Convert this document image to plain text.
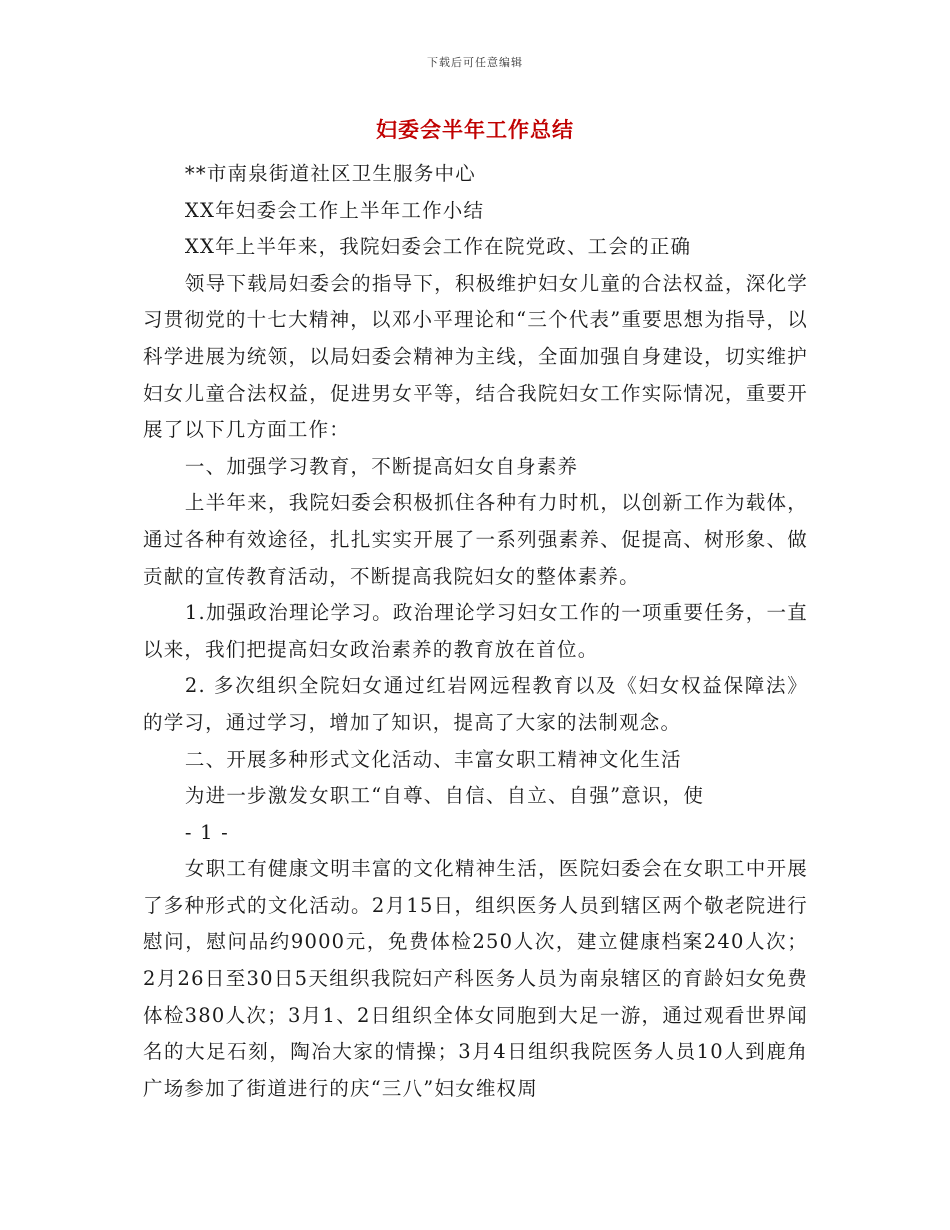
下载后可任意编辑
妇委会半年工作总结

**市南泉街道社区卫生服务中心

XX年妇委会工作上半年工作小结

XX年上半年来，我院妇委会工作在院党政、工会的正确

领导下载局妇委会的指导下，积极维护妇女儿童的合法权益，深化学习贯彻党的十七大精神，以邓小平理论和“三个代表”重要思想为指导，以科学进展为统领，以局妇委会精神为主线，全面加强自身建设，切实维护妇女儿童合法权益，促进男女平等，结合我院妇女工作实际情况，重要开展了以下几方面工作：

一、加强学习教育，不断提高妇女自身素养

上半年来，我院妇委会积极抓住各种有力时机，以创新工作为载体，通过各种有效途径，扎扎实实开展了一系列强素养、促提高、树形象、做贡献的宣传教育活动，不断提高我院妇女的整体素养。

1.加强政治理论学习。政治理论学习妇女工作的一项重要任务，一直以来，我们把提高妇女政治素养的教育放在首位。

2. 多次组织全院妇女通过红岩网远程教育以及《妇女权益保障法》的学习，通过学习，增加了知识，提高了大家的法制观念。

二、开展多种形式文化活动、丰富女职工精神文化生活

为进一步激发女职工“自尊、自信、自立、自强”意识，使

- 1 -

女职工有健康文明丰富的文化精神生活，医院妇委会在女职工中开展了多种形式的文化活动。2月15日，组织医务人员到辖区两个敬老院进行慰问，慰问品约9000元，免费体检250人次，建立健康档案240人次；2月26日至30日5天组织我院妇产科医务人员为南泉辖区的育龄妇女免费体检380人次；3月1、2日组织全体女同胞到大足一游，通过观看世界闻名的大足石刻，陶冶大家的情操；3月4日组织我院医务人员10人到鹿角广场参加了街道进行的庆“三八”妇女维权周
